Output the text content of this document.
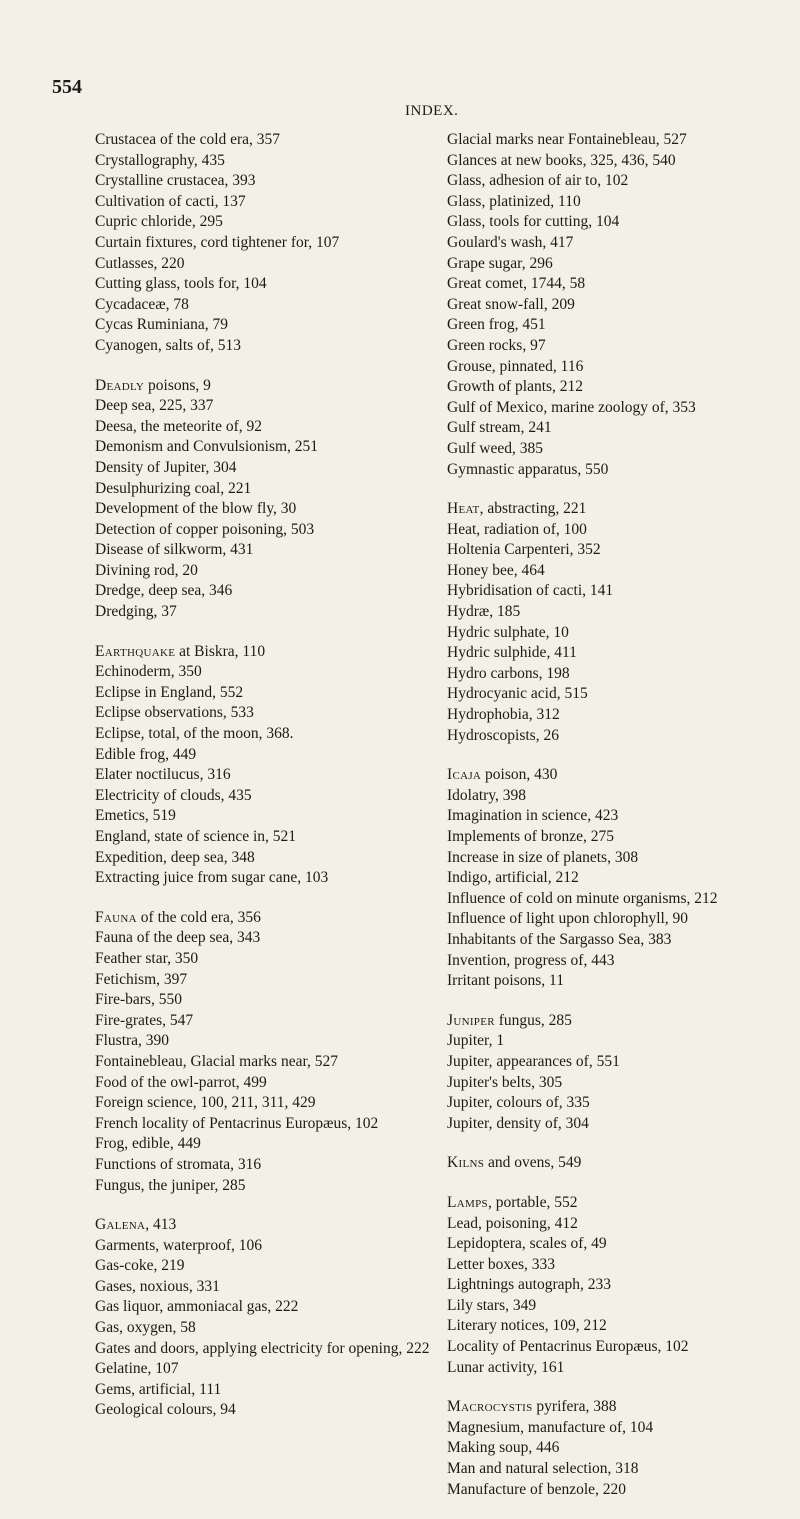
554
INDEX.
Crustacea of the cold era, 357
Crystallography, 435
Crystalline crustacea, 393
Cultivation of cacti, 137
Cupric chloride, 295
Curtain fixtures, cord tightener for, 107
Cutlasses, 220
Cutting glass, tools for, 104
Cycadaceæ, 78
Cycas Ruminiana, 79
Cyanogen, salts of, 513
Deadly poisons, 9
Deep sea, 225, 337
Deesa, the meteorite of, 92
Demonism and Convulsionism, 251
Density of Jupiter, 304
Desulphurizing coal, 221
Development of the blow fly, 30
Detection of copper poisoning, 503
Disease of silkworm, 431
Divining rod, 20
Dredge, deep sea, 346
Dredging, 37
Earthquake at Biskra, 110
Echinoderm, 350
Eclipse in England, 552
Eclipse observations, 533
Eclipse, total, of the moon, 368.
Edible frog, 449
Elater noctilucus, 316
Electricity of clouds, 435
Emetics, 519
England, state of science in, 521
Expedition, deep sea, 348
Extracting juice from sugar cane, 103
Fauna of the cold era, 356
Fauna of the deep sea, 343
Feather star, 350
Fetichism, 397
Fire-bars, 550
Fire-grates, 547
Flustra, 390
Fontainebleau, Glacial marks near, 527
Food of the owl-parrot, 499
Foreign science, 100, 211, 311, 429
French locality of Pentacrinus Europæus, 102
Frog, edible, 449
Functions of stromata, 316
Fungus, the juniper, 285
Galena, 413
Garments, waterproof, 106
Gas-coke, 219
Gases, noxious, 331
Gas liquor, ammoniacal gas, 222
Gas, oxygen, 58
Gates and doors, applying electricity for opening, 222
Gelatine, 107
Gems, artificial, 111
Geological colours, 94
Glacial marks near Fontainebleau, 527
Glances at new books, 325, 436, 540
Glass, adhesion of air to, 102
Glass, platinized, 110
Glass, tools for cutting, 104
Goulard's wash, 417
Grape sugar, 296
Great comet, 1744, 58
Great snow-fall, 209
Green frog, 451
Green rocks, 97
Grouse, pinnated, 116
Growth of plants, 212
Gulf of Mexico, marine zoology of, 353
Gulf stream, 241
Gulf weed, 385
Gymnastic apparatus, 550
Heat, abstracting, 221
Heat, radiation of, 100
Holtenia Carpenteri, 352
Honey bee, 464
Hybridisation of cacti, 141
Hydræ, 185
Hydric sulphate, 10
Hydric sulphide, 411
Hydro carbons, 198
Hydrocyanic acid, 515
Hydrophobia, 312
Hydroscopists, 26
Icaja poison, 430
Idolatry, 398
Imagination in science, 423
Implements of bronze, 275
Increase in size of planets, 308
Indigo, artificial, 212
Influence of cold on minute organisms, 212
Influence of light upon chlorophyll, 90
Inhabitants of the Sargasso Sea, 383
Invention, progress of, 443
Irritant poisons, 11
Juniper fungus, 285
Jupiter, 1
Jupiter, appearances of, 551
Jupiter's belts, 305
Jupiter, colours of, 335
Jupiter, density of, 304
Kilns and ovens, 549
Lamps, portable, 552
Lead, poisoning, 412
Lepidoptera, scales of, 49
Letter boxes, 333
Lightnings autograph, 233
Lily stars, 349
Literary notices, 109, 212
Locality of Pentacrinus Europæus, 102
Lunar activity, 161
Macrocystis pyrifera, 388
Magnesium, manufacture of, 104
Making soup, 446
Man and natural selection, 318
Manufacture of benzole, 220
